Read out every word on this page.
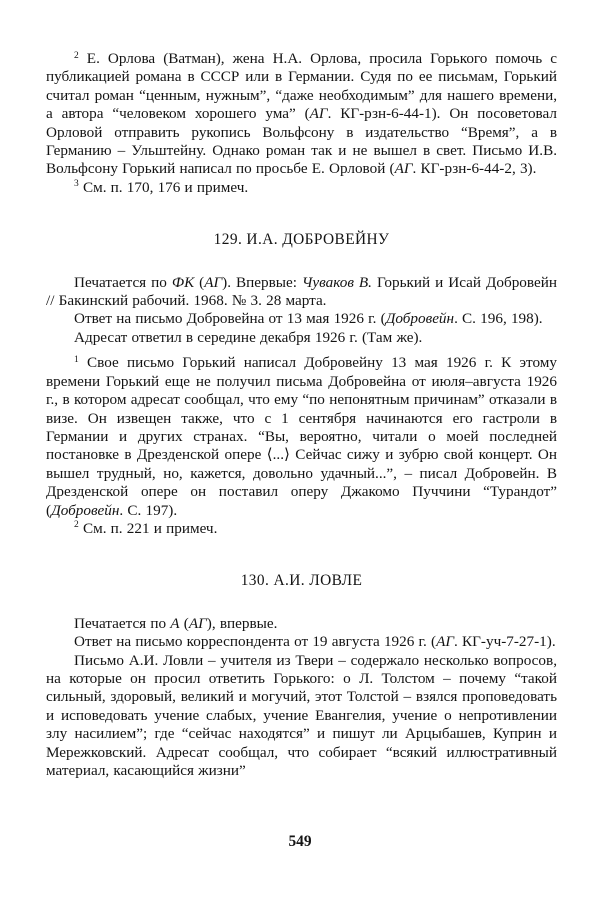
$^2$ Е. Орлова (Ватман), жена Н.А. Орлова, просила Горького помочь с публикацией романа в СССР или в Германии. Судя по ее письмам, Горький считал роман “ценным, нужным”, “даже необходимым” для нашего времени, а автора “человеком хорошего ума” (АГ. КГ-рзн-6-44-1). Он посоветовал Орловой отправить рукопись Вольфсону в издательство “Время”, а в Германию – Ульштейну. Однако роман так и не вышел в свет. Письмо И.В. Вольфсону Горький написал по просьбе Е. Орловой (АГ. КГ-рзн-6-44-2, 3).

$^3$ См. п. 170, 176 и примеч.

129. И.А. ДОБРОВЕЙНУ

Печатается по ФК (АГ). Впервые: Чуваков В. Горький и Исай Добровейн // Бакинский рабочий. 1968. № 3. 28 марта.

Ответ на письмо Добровейна от 13 мая 1926 г. (Добровейн. С. 196, 198).

Адресат ответил в середине декабря 1926 г. (Там же).

$^1$ Свое письмо Горький написал Добровейну 13 мая 1926 г. К этому времени Горький еще не получил письма Добровейна от июля–августа 1926 г., в котором адресат сообщал, что ему “по непонятным причинам” отказали в визе. Он извещен также, что с 1 сентября начинаются его гастроли в Германии и других странах. “Вы, вероятно, читали о моей последней постановке в Дрезденской опере ⟨...⟩ Сейчас сижу и зубрю свой концерт. Он вышел трудный, но, кажется, довольно удачный...”, – писал Добровейн. В Дрезденской опере он поставил оперу Джакомо Пуччини “Турандот” (Добровейн. С. 197).

$^2$ См. п. 221 и примеч.

130. А.И. ЛОВЛЕ

Печатается по А (АГ), впервые.

Ответ на письмо корреспондента от 19 августа 1926 г. (АГ. КГ-уч-7-27-1).

Письмо А.И. Ловли – учителя из Твери – содержало несколько вопросов, на которые он просил ответить Горького: о Л. Толстом – почему “такой сильный, здоровый, великий и могучий, этот Толстой – взялся проповедовать и исповедовать учение слабых, учение Евангелия, учение о непротивлении злу насилием”; где “сейчас находятся” и пишут ли Арцыбашев, Куприн и Мережковский. Адресат сообщал, что собирает “всякий иллюстративный материал, касающийся жизни”

549
